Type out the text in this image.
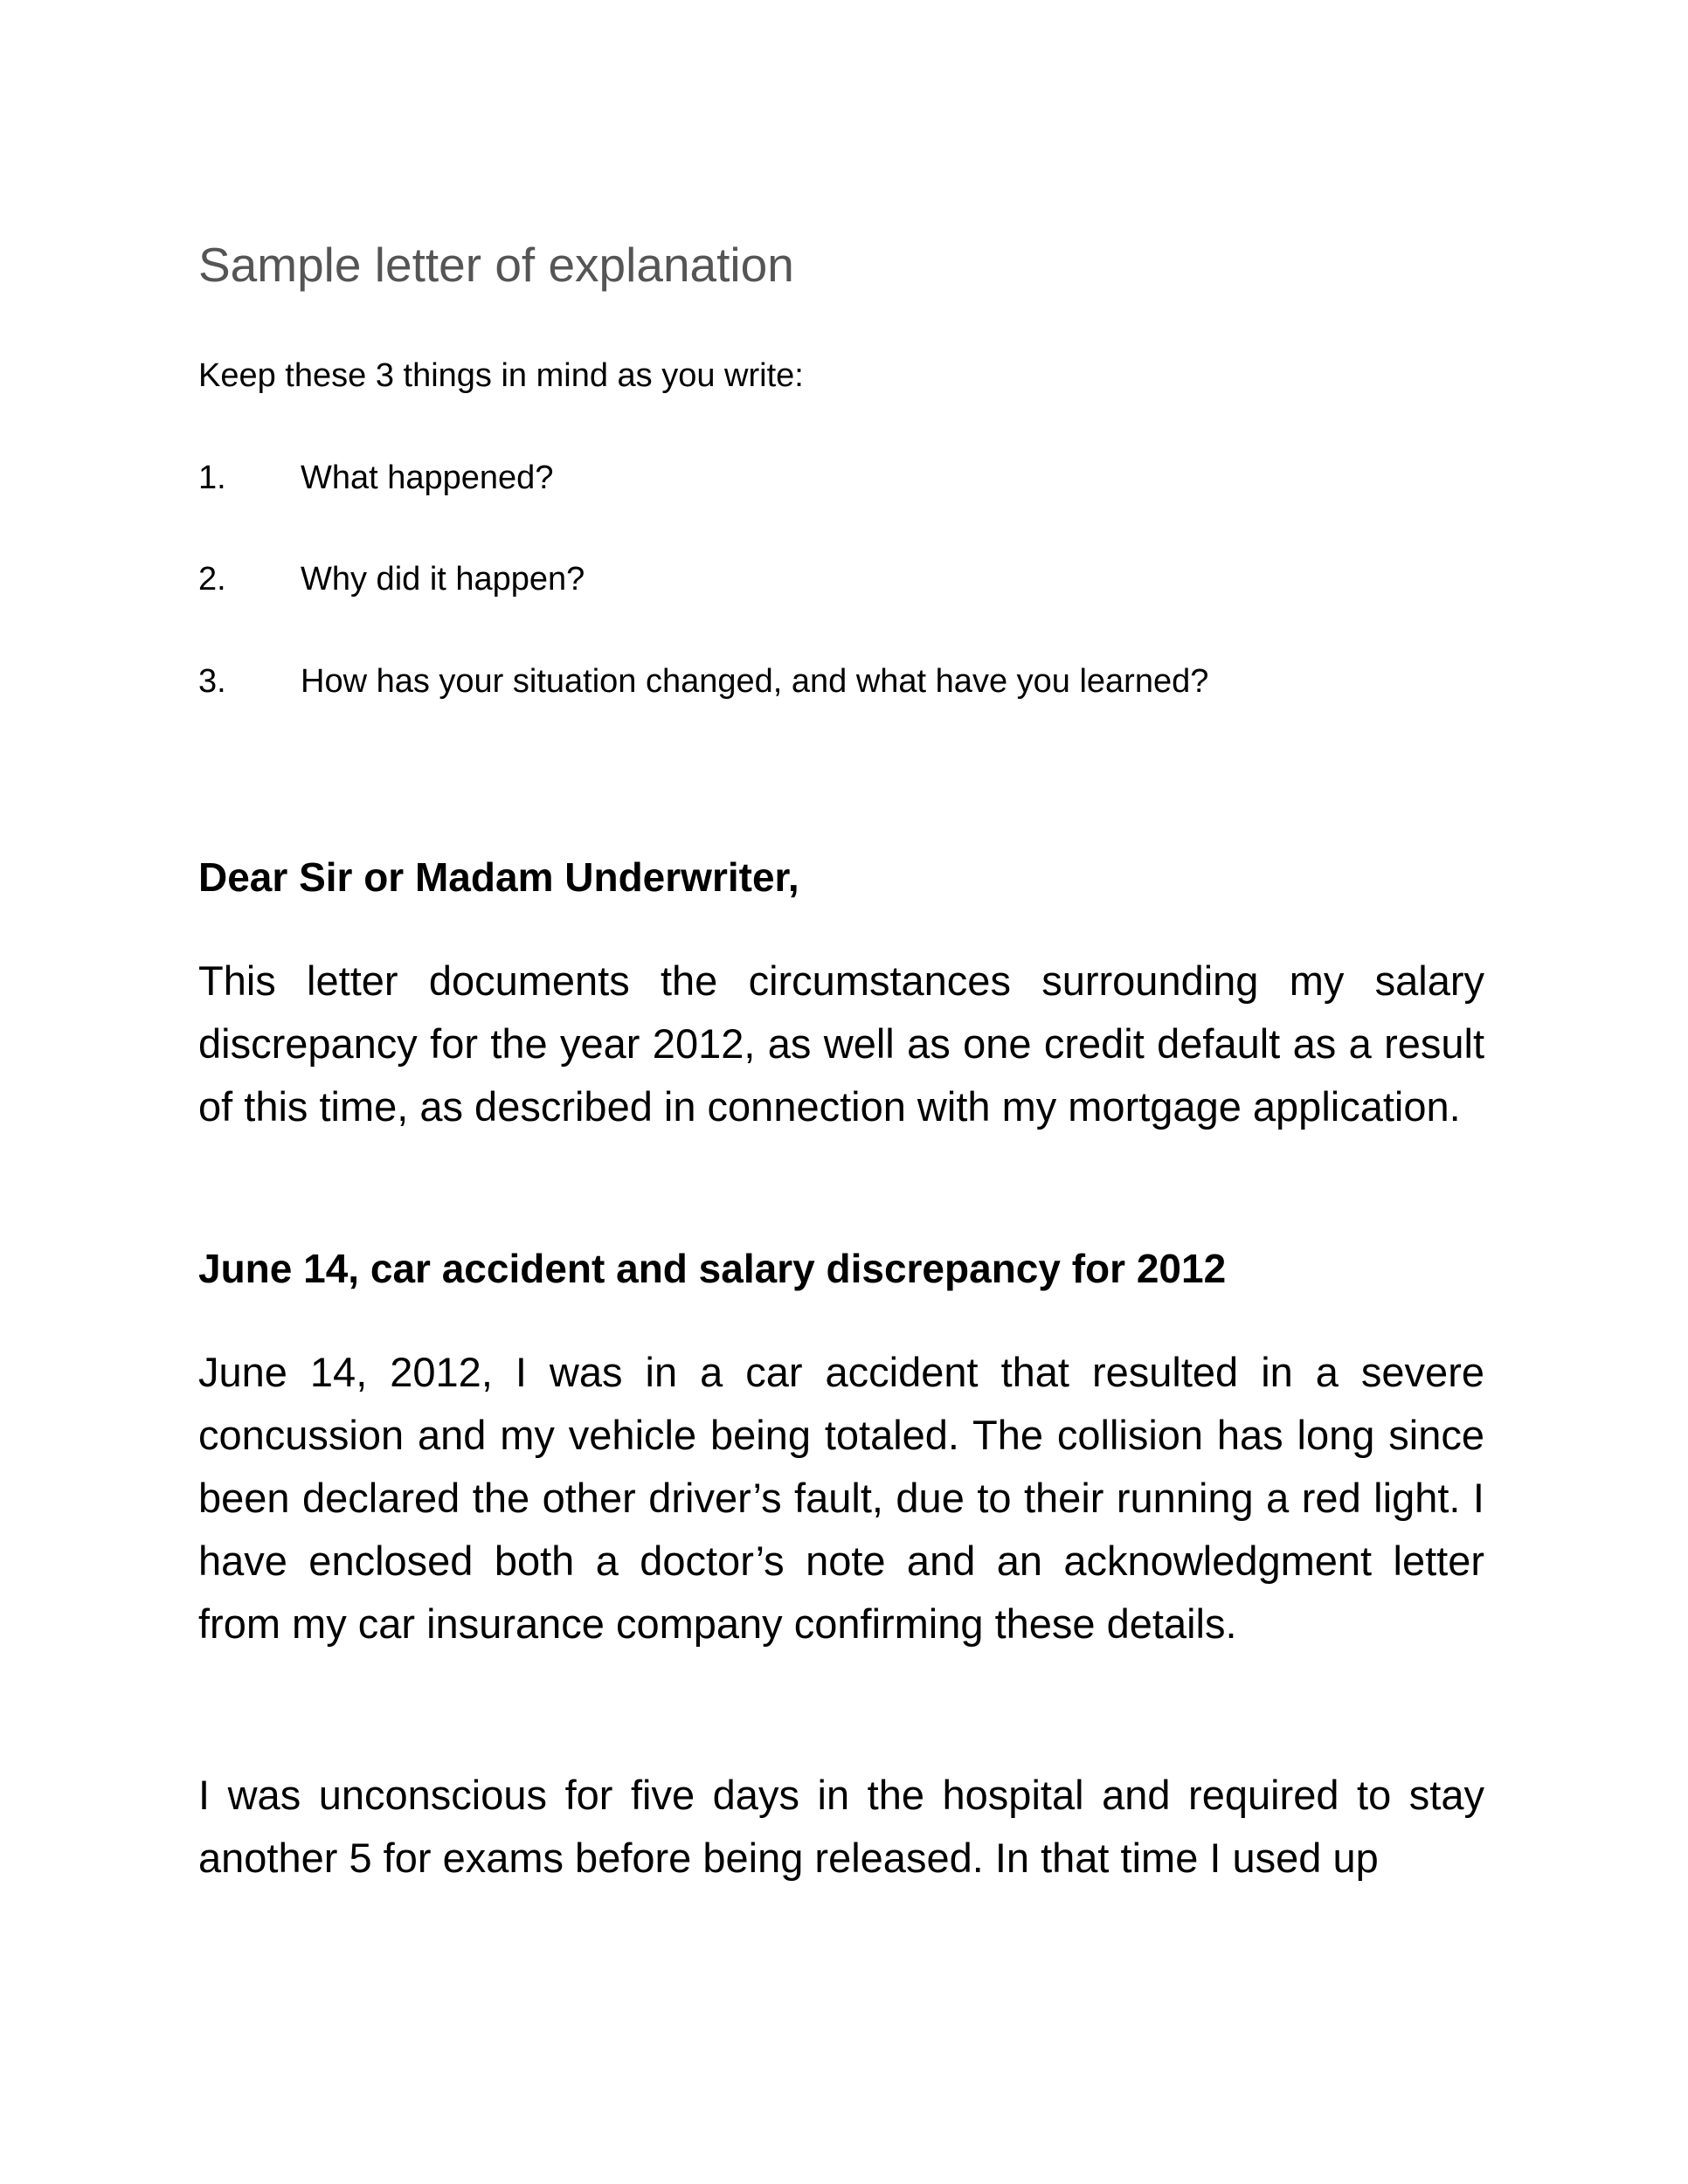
Sample letter of explanation
Keep these 3 things in mind as you write:
1. What happened?
2. Why did it happen?
3. How has your situation changed, and what have you learned?
Dear Sir or Madam Underwriter,

This letter documents the circumstances surrounding my salary discrepancy for the year 2012, as well as one credit default as a result of this time, as described in connection with my mortgage application.

June 14, car accident and salary discrepancy for 2012

June 14, 2012, I was in a car accident that resulted in a severe concussion and my vehicle being totaled. The collision has long since been declared the other driver’s fault, due to their running a red light. I have enclosed both a doctor’s note and an acknowledgment letter from my car insurance company confirming these details.

I was unconscious for five days in the hospital and required to stay another 5 for exams before being released. In that time I used up
